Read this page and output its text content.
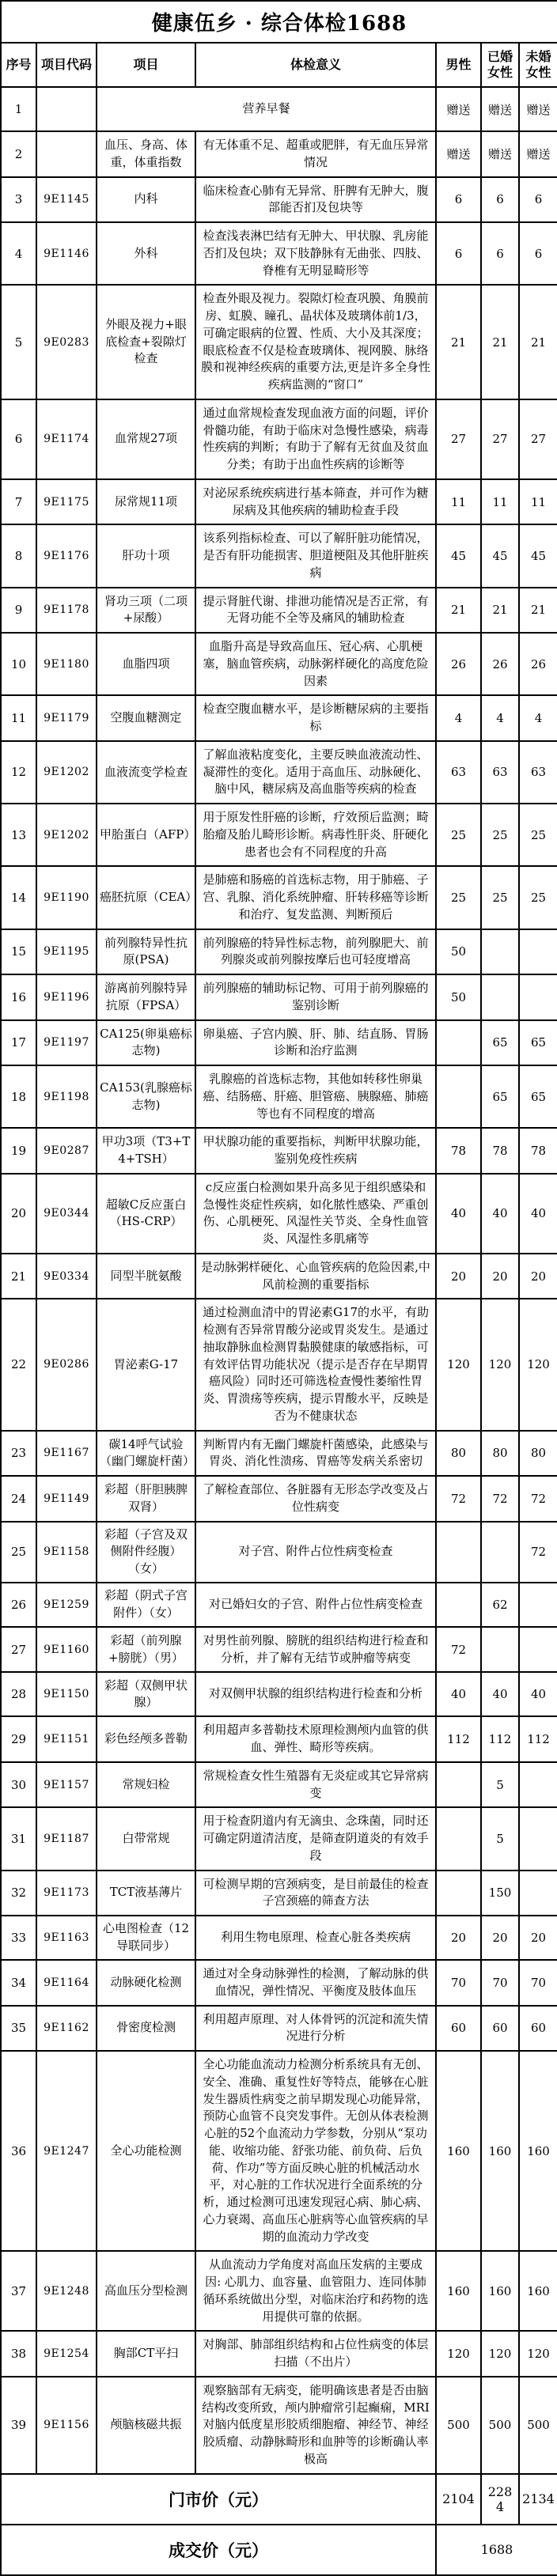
健康伍乡 · 综合体检1688						
序号	项目代码	项目	体检意义	男性	已婚女性	未婚女性
1		营养早餐		赠送	赠送	赠送
2		血压、身高、体重，体重指数	有无体重不足、超重或肥胖，有无血压异常情况	赠送	赠送	赠送
3	9E1145	内科	临床检查心肺有无异常、肝脾有无肿大，腹部能否扪及包块等	6	6	6
4	9E1146	外科	检查浅表淋巴结有无肿大、甲状腺、乳房能否扪及包块；双下肢静脉有无曲张、四肢、脊椎有无明显畸形等	6	6	6
5	9E0283	外眼及视力+眼底检查+裂隙灯检查	检查外眼及视力。裂隙灯检查巩膜、角膜前房、虹膜、瞳孔、晶状体及玻璃体前1/3，可确定眼病的位置、性质、大小及其深度；眼底检查不仅是检查玻璃体、视网膜、脉络膜和视神经疾病的重要方法,更是许多全身性疾病监测的“窗口”	21	21	21
6	9E1174	血常规27项	通过血常规检查发现血液方面的问题，评价骨髓功能，有助于临床对急慢性感染，病毒性疾病的判断；有助于了解有无贫血及贫血分类；有助于出血性疾病的诊断等	27	27	27
7	9E1175	尿常规11项	对泌尿系统疾病进行基本筛查，并可作为糖尿病及其他疾病的辅助检查手段	11	11	11
8	9E1176	肝功十项	该系列指标检查、可以了解肝脏功能情况，是否有肝功能损害、胆道梗阻及其他肝脏疾病	45	45	45
9	9E1178	肾功三项（二项+尿酸）	提示肾脏代谢、排泄功能情况是否正常，有无肾功能不全等及痛风的辅助检查	21	21	21
10	9E1180	血脂四项	血脂升高是导致高血压、冠心病、心肌梗塞，脑血管疾病，动脉粥样硬化的高度危险因素	26	26	26
11	9E1179	空腹血糖测定	检查空腹血糖水平，是诊断糖尿病的主要指标	4	4	4
12	9E1202	血液流变学检查	了解血液粘度变化，主要反映血液流动性、凝滞性的变化。适用于高血压、动脉硬化、脑中风，糖尿病及高血脂等疾病的检查	63	63	63
13	9E1202	甲胎蛋白（AFP）	用于原发性肝癌的诊断，疗效预后监测；畸胎瘤及胎儿畸形诊断。病毒性肝炎、肝硬化患者也会有不同程度的升高	25	25	25
14	9E1190	癌胚抗原（CEA）	是肺癌和肠癌的首选标志物，用于肺癌、子宫、乳腺、消化系统肿瘤、肝转移癌等诊断和治疗、复发监测、判断预后	25	25	25
15	9E1195	前列腺特异性抗原(PSA)	前列腺癌的特异性标志物，前列腺肥大、前列腺炎或前列腺按摩后也可轻度增高	50		
16	9E1196	游离前列腺特异抗原（FPSA）	前列腺癌的辅助标记物、可用于前列腺癌的鉴别诊断	50		
17	9E1197	CA125(卵巢癌标志物)	卵巢癌、子宫内膜、肝、肺、结直肠、胃肠诊断和治疗监测		65	65
18	9E1198	CA153(乳腺癌标志物)	乳腺癌的首选标志物，其他如转移性卵巢癌、结肠癌、肝癌、胆管癌、胰腺癌、肺癌等也有不同程度的增高		65	65
19	9E0287	甲功3项（T3+T4+TSH）	甲状腺功能的重要指标，判断甲状腺功能，鉴别免疫性疾病	78	78	78
20	9E0344	超敏C反应蛋白（HS-CRP）	c反应蛋白检测如果升高多见于组织感染和急慢性炎症性疾病，如化脓性感染、严重创伤、心肌梗死、风湿性关节炎、全身性血管炎、风湿性多肌痛等	40	40	40
21	9E0334	同型半胱氨酸	是动脉粥样硬化、心血管疾病的危险因素,中风前检测的重要指标	20	20	20
22	9E0286	胃泌素G-17	通过检测血清中的胃泌素G17的水平，有助检测有否异常胃酸分泌或胃炎发生。是通过抽取静脉血检测胃黏膜健康的敏感指标，可有效评估胃功能状况（提示是否存在早期胃癌风险）同时还可筛选检查慢性萎缩性胃炎、胃溃疡等疾病，提示胃酸水平，反映是否为不健康状态	120	120	120
23	9E1167	碳14呼气试验（幽门螺旋杆菌）	判断胃内有无幽门螺旋杆菌感染，此感染与胃炎、消化性溃疡、胃癌等发病关系密切	80	80	80
24	9E1149	彩超（肝胆胰脾双肾）	了解检查部位、各脏器有无形态学改变及占位性病变	72	72	72
25	9E1158	彩超（子宫及双侧附件经腹）（女）	对子宫、附件占位性病变检查			72
26	9E1259	彩超（阴式子宫附件）（女）	对已婚妇女的子宫、附件占位性病变检查		62	
27	9E1160	彩超（前列腺+膀胱）（男）	对男性前列腺、膀胱的组织结构进行检查和分析，并了解有无结节或肿瘤等病变	72		
28	9E1150	彩超（双侧甲状腺）	对双侧甲状腺的组织结构进行检查和分析	40	40	40
29	9E1151	彩色经颅多普勒	利用超声多普勒技术原理检测颅内血管的供血、弹性、畸形等疾病。	112	112	112
30	9E1157	常规妇检	常规检查女性生殖器有无炎症或其它异常病变		5	
31	9E1187	白带常规	用于检查阴道内有无滴虫、念珠菌，同时还可确定阴道清洁度，是筛查阴道炎的有效手段		5	
32	9E1173	TCT液基薄片	可检测早期的宫颈病变，是目前最佳的检查子宫颈癌的筛查方法		150	
33	9E1163	心电图检查（12导联同步）	利用生物电原理、检查心脏各类疾病	20	20	20
34	9E1164	动脉硬化检测	通过对全身动脉弹性的检测，了解动脉的供血情况，弹性情况、平衡度及肢体血压	70	70	70
35	9E1162	骨密度检测	利用超声原理、对人体骨钙的沉淀和流失情况进行分析	60	60	60
36	9E1247	全心功能检测	全心功能血流动力检测分析系统具有无创、安全、准确、重复性好等特点，能够在心脏发生器质性病变之前早期发现心功能异常，预防心血管不良突发事件。无创从体表检测心脏的52个血流动力学参数，分别从“泵功能、收缩功能、舒张功能、前负荷、后负荷、作功”等方面反映心脏的机械活动水平，对心脏的工作状况进行全面系统的分析，通过检测可迅速发现冠心病、肺心病、心力衰竭、高血压心脏病等心血管疾病的早期的血流动力学改变	160	160	160
37	9E1248	高血压分型检测	从血流动力学角度对高血压发病的主要成因: 心肌力、血容量、血管阻力、连同体肺循环系统做出分型，对临床治疗和药物的选用提供可靠的依据。	160	160	160
38	9E1254	胸部CT平扫	对胸部、肺部组织结构和占位性病变的体层扫描（不出片）	120	120	120
39	9E1156	颅脑核磁共振	观察脑部有无病变，能明确该患者是否由脑结构改变所致，颅内肿瘤常引起癫痫，MRI对脑内低度星形胶质细胞瘤、神经节、神经胶质瘤、动静脉畸形和血肿等的诊断确认率极高	500	500	500
门市价（元）				2104	2284	2134
成交价（元）				1688		
